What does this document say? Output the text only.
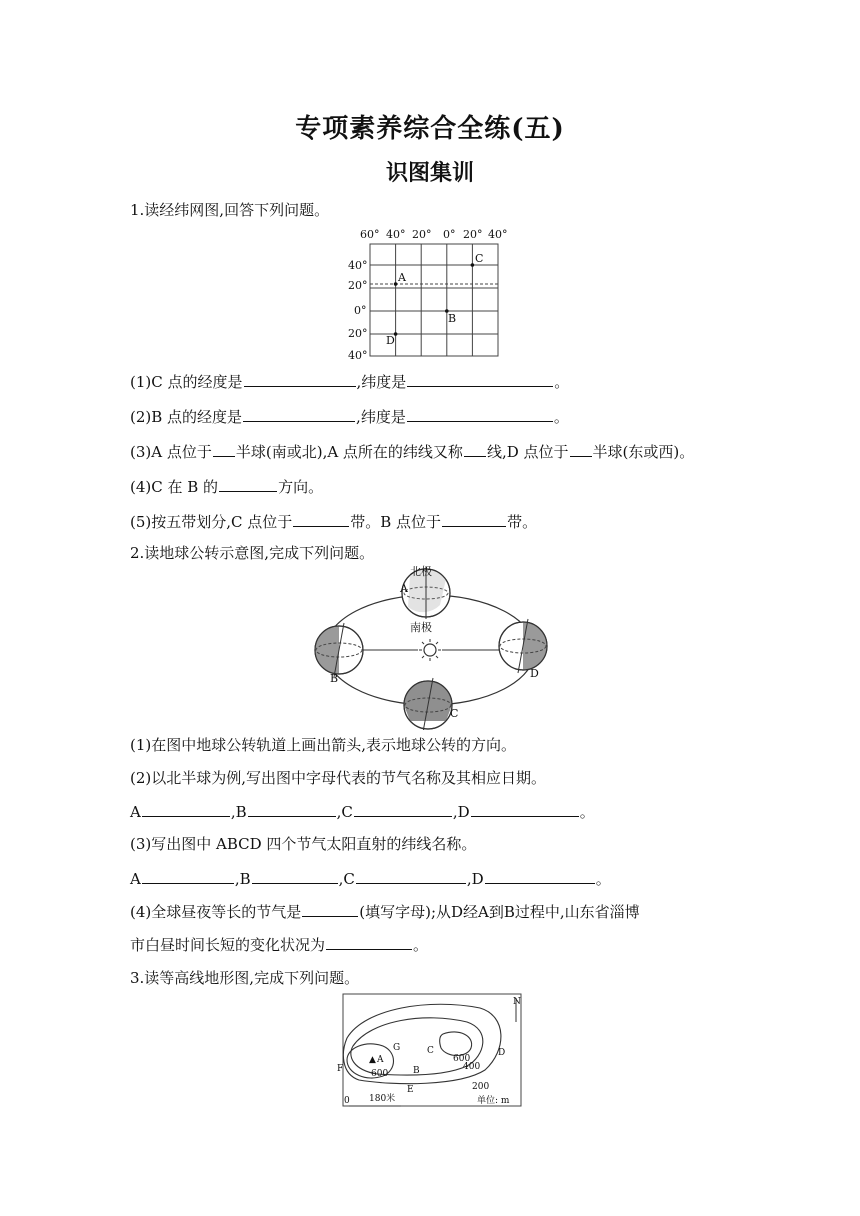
专项素养综合全练(五)
识图集训
1.读经纬网图,回答下列问题。
60° 40° 20° 0° 20° 40°
40°
20°
0°
20°
40°
A
B
C
D
(1)C 点的经度是	,纬度是	。
(2)B 点的经度是	,纬度是	。
(3)A 点位于 半球(南或北),A 点所在的纬线又称 线,D 点位于 半球(东或西)。
(4)C 在 B 的	方向。
(5)按五带划分,C 点位于	带。B 点位于	带。
2.读地球公转示意图,完成下列问题。
北极
南极
A
B
C
D
(1)在图中地球公转轨道上画出箭头,表示地球公转的方向。
(2)以北半球为例,写出图中字母代表的节气名称及其相应日期。
A	,B	,C	,D	。
(3)写出图中 ABCD 四个节气太阳直射的纬线名称。
A	,B	,C	,D	。
(4)全球昼夜等长的节气是	(填写字母);从D经A到B过程中,山东省淄博
市白昼时间长短的变化状况为	。
3.读等高线地形图,完成下列问题。
N
▲ A
B
C	D
E
F
G
600
600
400
200
0 180米	单位: m
